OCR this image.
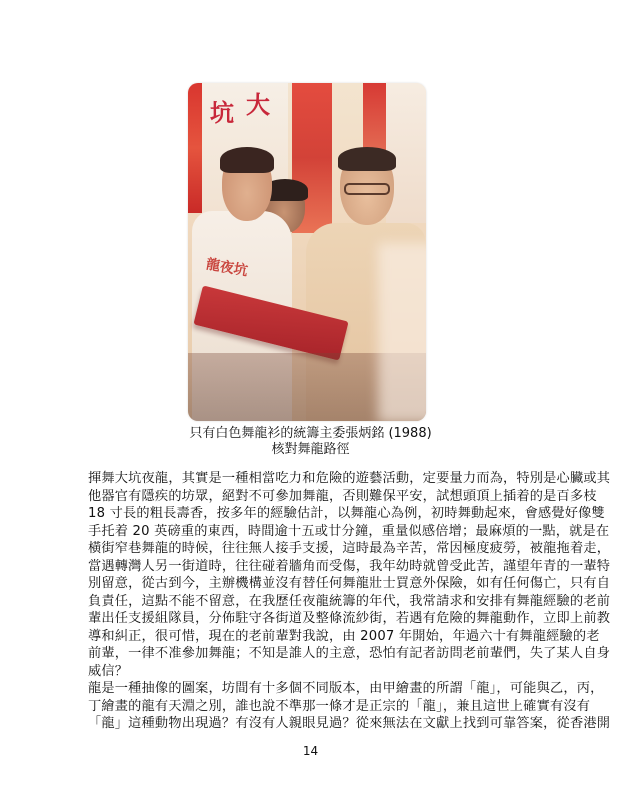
坑 大
龍夜坑
只有白色舞龍衫的統籌主委張炳銘 (1988)
核對舞龍路徑
揮舞大坑夜龍，其實是一種相當吃力和危險的遊藝活動，定要量力而為，特別是心臟或其
他器官有隱疾的坊眾，絕對不可參加舞龍，否則難保平安，試想頭頂上插着的是百多枝
18 寸長的粗長壽香，按多年的經驗估計，以舞龍心為例，初時舞動起來，會感覺好像雙
手托着 20 英磅重的東西，時間逾十五或廿分鐘，重量似感倍增；最麻煩的一點，就是在
橫街窄巷舞龍的時候，往往無人接手支援，這時最為辛苦，常因極度疲勞，被龍拖着走，
當遇轉灣人另一街道時，往往碰着牆角而受傷，我年幼時就曾受此苦，謹望年青的一輩特
別留意，從古到今，主辦機構並沒有替任何舞龍壯士買意外保險，如有任何傷亡，只有自
負責任，這點不能不留意，在我歷任夜龍統籌的年代，我常請求和安排有舞龍經驗的老前
輩出任支援組隊員，分佈駐守各街道及整條流紗街，若遇有危險的舞龍動作，立即上前教
導和糾正，很可惜，現在的老前輩對我說，由 2007 年開始，年過六十有舞龍經驗的老
前輩，一律不准參加舞龍；不知是誰人的主意，恐怕有記者訪問老前輩們，失了某人自身
威信？
龍是一種抽像的圖案，坊間有十多個不同版本，由甲繪畫的所謂「龍」，可能與乙，丙，
丁繪畫的龍有天淵之別，誰也說不準那一條才是正宗的「龍」，兼且這世上確實有沒有
「龍」這種動物出現過？有沒有人親眼見過？從來無法在文獻上找到可靠答案，從香港開
14
